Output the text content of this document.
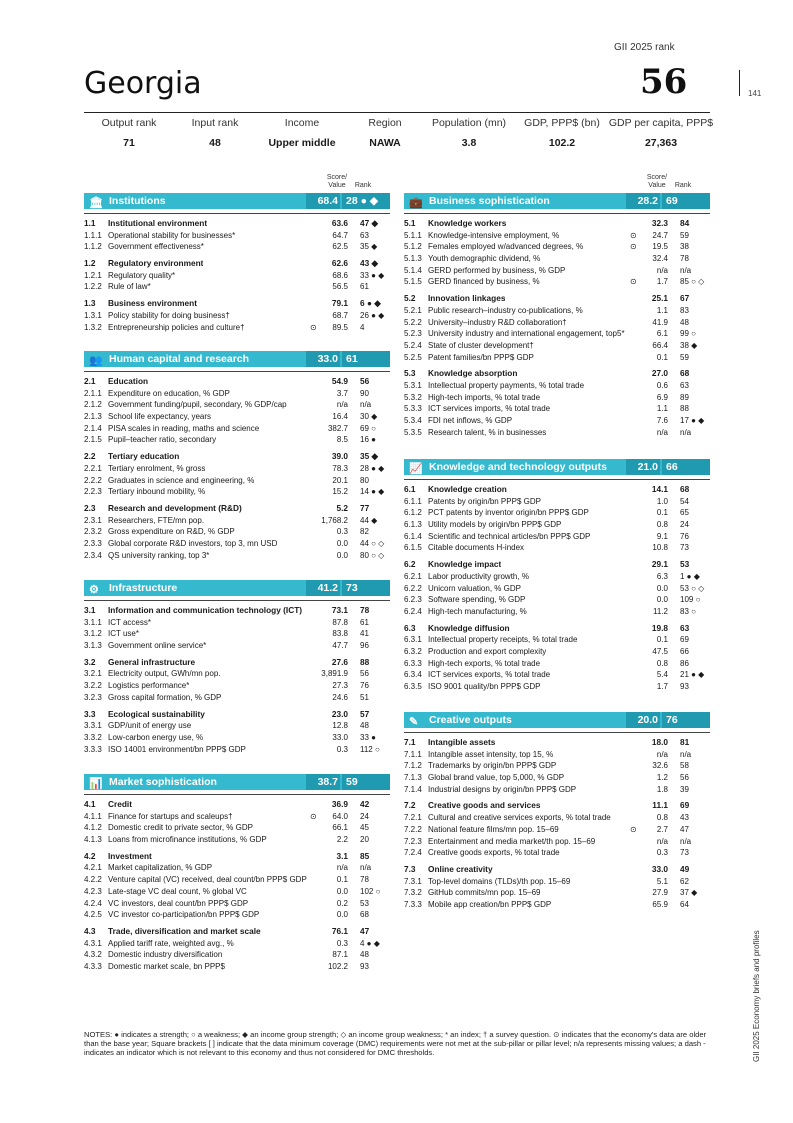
GII 2025 rank
Georgia	56	141
Output rank
71
Input rank
48
Income
Upper middle
Region
NAWA
Population (mn)
3.8
GDP, PPP$ (bn)
102.2
GDP per capita, PPP$
27,363
Score/
Value	Rank
Score/
Value	Rank
🏛 Institutions	68.4 28 ● ◆
1.1	Institutional environment	63.6 47 ◆
1.1.1 Operational stability for businesses*	64.7 63
1.1.2 Government effectiveness*	62.5 35 ◆
1.2	Regulatory environment	62.6 43 ◆
1.2.1 Regulatory quality*	68.6 33 ● ◆
1.2.2 Rule of law*	56.5 61
1.3	Business environment	79.1 6 ● ◆
1.3.1 Policy stability for doing business†	68.7 26 ● ◆
1.3.2 Entrepreneurship policies and culture†	⊙	89.5 4
👥 Human capital and research	33.0 61
2.1	Education	54.9 56
2.1.1 Expenditure on education, % GDP	3.7 90
2.1.2 Government funding/pupil, secondary, % GDP/cap	n/a n/a
2.1.3 School life expectancy, years	16.4 30 ◆
2.1.4 PISA scales in reading, maths and science	382.7 69 ○
2.1.5 Pupil–teacher ratio, secondary	8.5 16 ●
2.2	Tertiary education	39.0 35 ◆
2.2.1 Tertiary enrolment, % gross	78.3 28 ● ◆
2.2.2 Graduates in science and engineering, %	20.1 80
2.2.3 Tertiary inbound mobility, %	15.2 14 ● ◆
2.3	Research and development (R&D)	5.2 77
2.3.1 Researchers, FTE/mn pop.	1,768.2 44 ◆
2.3.2 Gross expenditure on R&D, % GDP	0.3 82
2.3.3 Global corporate R&D investors, top 3, mn USD	0.0 44 ○ ◇
2.3.4 QS university ranking, top 3*	0.0 80 ○ ◇
⚙ Infrastructure	41.2 73
3.1	Information and communication technology (ICT)	73.1 78
3.1.1 ICT access*	87.8 61
3.1.2 ICT use*	83.8 41
3.1.3 Government online service*	47.7 96
3.2	General infrastructure	27.6 88
3.2.1 Electricity output, GWh/mn pop.	3,891.9 56
3.2.2 Logistics performance*	27.3 76
3.2.3 Gross capital formation, % GDP	24.6 51
3.3	Ecological sustainability	23.0 57
3.3.1 GDP/unit of energy use	12.8 48
3.3.2 Low-carbon energy use, %	33.0 33 ●
3.3.3 ISO 14001 environment/bn PPP$ GDP	0.3 112 ○
📊 Market sophistication	38.7 59
4.1	Credit	36.9 42
4.1.1 Finance for startups and scaleups†	⊙	64.0 24
4.1.2 Domestic credit to private sector, % GDP	66.1 45
4.1.3 Loans from microfinance institutions, % GDP	2.2 20
4.2	Investment	3.1 85
4.2.1 Market capitalization, % GDP	n/a n/a
4.2.2 Venture capital (VC) received, deal count/bn PPP$ GDP	0.1 78
4.2.3 Late-stage VC deal count, % global VC	0.0 102 ○
4.2.4 VC investors, deal count/bn PPP$ GDP	0.2 53
4.2.5 VC investor co-participation/bn PPP$ GDP	0.0 68
4.3	Trade, diversification and market scale	76.1 47
4.3.1 Applied tariff rate, weighted avg., %	0.3 4 ● ◆
4.3.2 Domestic industry diversification	87.1 48
4.3.3 Domestic market scale, bn PPP$	102.2 93
💼 Business sophistication	28.2 69
5.1	Knowledge workers	32.3 84
5.1.1 Knowledge-intensive employment, %	⊙	24.7 59
5.1.2 Females employed w/advanced degrees, %	⊙	19.5 38
5.1.3 Youth demographic dividend, %	32.4 78
5.1.4 GERD performed by business, % GDP	n/a n/a
5.1.5 GERD financed by business, %	⊙	1.7 85 ○ ◇
5.2	Innovation linkages	25.1 67
5.2.1 Public research–industry co-publications, %	1.1 83
5.2.2 University–industry R&D collaboration†	41.9 48
5.2.3 University industry and international engagement, top5*	6.1 99 ○
5.2.4 State of cluster development†	66.4 38 ◆
5.2.5 Patent families/bn PPP$ GDP	0.1 59
5.3	Knowledge absorption	27.0 68
5.3.1 Intellectual property payments, % total trade	0.6 63
5.3.2 High-tech imports, % total trade	6.9 89
5.3.3 ICT services imports, % total trade	1.1 88
5.3.4 FDI net inflows, % GDP	7.6 17 ● ◆
5.3.5 Research talent, % in businesses	n/a n/a
📈 Knowledge and technology outputs	21.0 66
6.1	Knowledge creation	14.1 68
6.1.1 Patents by origin/bn PPP$ GDP	1.0 54
6.1.2 PCT patents by inventor origin/bn PPP$ GDP	0.1 65
6.1.3 Utility models by origin/bn PPP$ GDP	0.8 24
6.1.4 Scientific and technical articles/bn PPP$ GDP	9.1 76
6.1.5 Citable documents H-index	10.8 73
6.2	Knowledge impact	29.1 53
6.2.1 Labor productivity growth, %	6.3 1 ● ◆
6.2.2 Unicorn valuation, % GDP	0.0 53 ○ ◇
6.2.3 Software spending, % GDP	0.0 109 ○
6.2.4 High-tech manufacturing, %	11.2 83 ○
6.3	Knowledge diffusion	19.8 63
6.3.1 Intellectual property receipts, % total trade	0.1 69
6.3.2 Production and export complexity	47.5 66
6.3.3 High-tech exports, % total trade	0.8 86
6.3.4 ICT services exports, % total trade	5.4 21 ● ◆
6.3.5 ISO 9001 quality/bn PPP$ GDP	1.7 93
✎ Creative outputs	20.0 76
7.1	Intangible assets	18.0 81
7.1.1 Intangible asset intensity, top 15, %	n/a n/a
7.1.2 Trademarks by origin/bn PPP$ GDP	32.6 58
7.1.3 Global brand value, top 5,000, % GDP	1.2 56
7.1.4 Industrial designs by origin/bn PPP$ GDP	1.8 39
7.2	Creative goods and services	11.1 69
7.2.1 Cultural and creative services exports, % total trade	0.8 43
7.2.2 National feature films/mn pop. 15–69	⊙	2.7 47
7.2.3 Entertainment and media market/th pop. 15–69	n/a n/a
7.2.4 Creative goods exports, % total trade	0.3 73
7.3	Online creativity	33.0 49
7.3.1 Top-level domains (TLDs)/th pop. 15–69	5.1 62
7.3.2 GitHub commits/mn pop. 15–69	27.9 37 ◆
7.3.3 Mobile app creation/bn PPP$ GDP	65.9 64
NOTES: ● indicates a strength; ○ a weakness; ◆ an income group strength; ◇ an income group weakness; * an index; † a survey question. ⊙ indicates that the economy's data are older than the base year; Square brackets [ ] indicate that the data minimum coverage (DMC) requirements were not met at the sub-pillar or pillar level; n/a represents missing values; a dash - indicates an indicator which is not relevant to this economy and thus not considered for DMC thresholds.	GII 2025 Economy briefs and profiles
